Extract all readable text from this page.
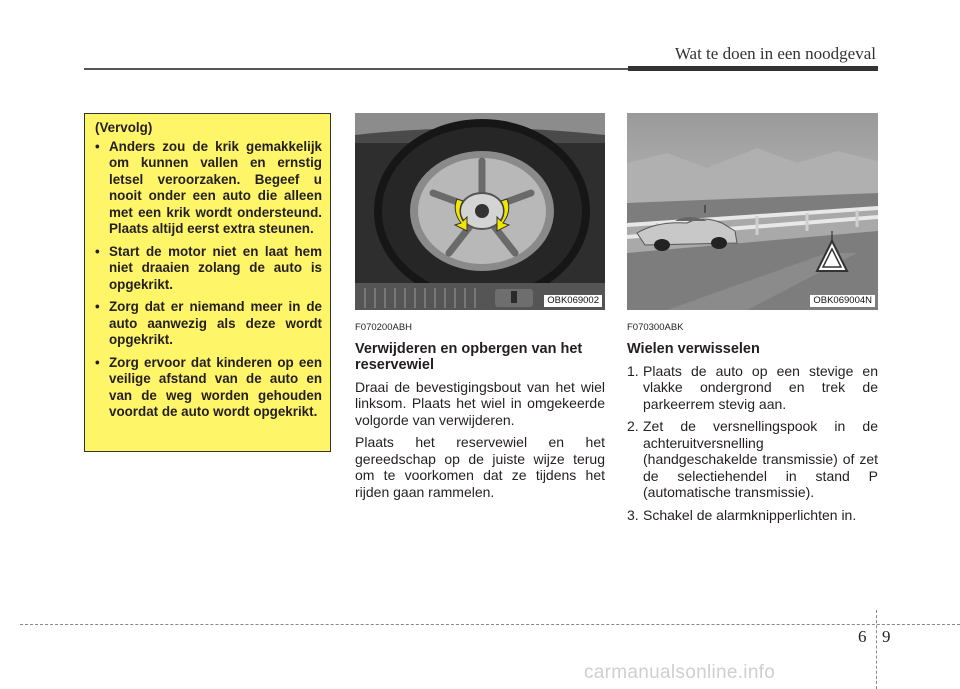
Wat te doen in een noodgeval
(Vervolg)
• Anders zou de krik gemakkelijk om kunnen vallen en ernstig letsel veroorzaken. Begeef u nooit onder een auto die alleen met een krik wordt ondersteund. Plaats altijd eerst extra steunen.
• Start de motor niet en laat hem niet draaien zolang de auto is opgekrikt.
• Zorg dat er niemand meer in de auto aanwezig als deze wordt opgekrikt.
• Zorg ervoor dat kinderen op een veilige afstand van de auto en van de weg worden gehouden voordat de auto wordt opgekrikt.
OBK069002	OBK069004N
F070200ABH
Verwijderen en opbergen van het reservewiel

Draai de bevestigingsbout van het wiel linksom. Plaats het wiel in omgekeerde volgorde van verwijderen.

Plaats het reservewiel en het gereedschap op de juiste wijze terug om te voorkomen dat ze tijdens het rijden gaan rammelen.

F070300ABK
Wielen verwisselen
1. Plaats de auto op een stevige en vlakke ondergrond en trek de parkeerrem stevig aan.
2. Zet de versnellingspook in de achteruitversnelling (handgeschakelde transmissie) of zet de selectiehendel in stand P (automatische transmissie).
3. Schakel de alarmknipperlichten in.
6 9
carmanualsonline.info
